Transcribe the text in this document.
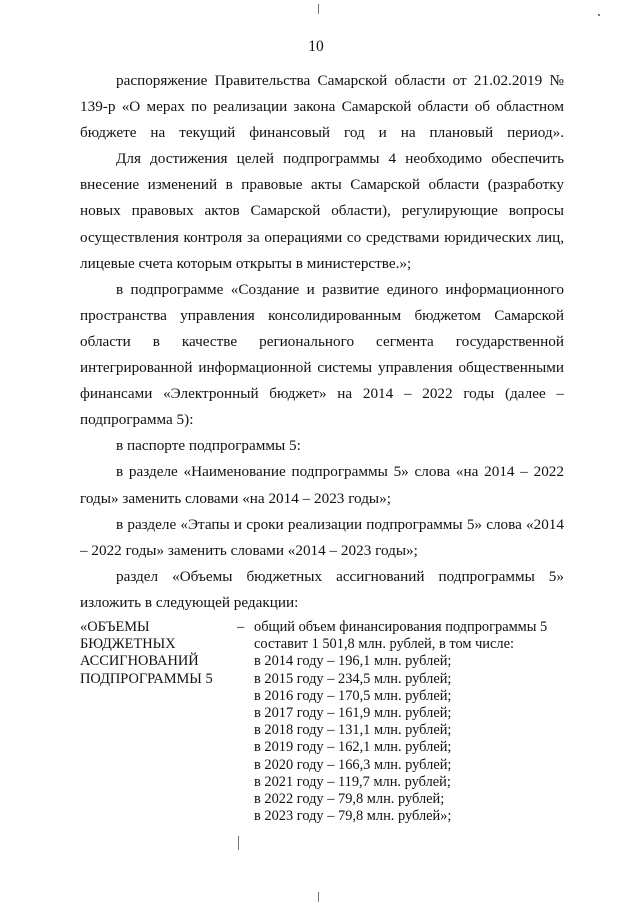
10

распоряжение Правительства Самарской области от 21.02.2019 № 139-р «О мерах по реализации закона Самарской области об областном бюджете на текущий финансовый год и на плановый период».

Для достижения целей подпрограммы 4 необходимо обеспечить внесение изменений в правовые акты Самарской области (разработку новых правовых актов Самарской области), регулирующие вопросы осуществления контроля за операциями со средствами юридических лиц, лицевые счета которым открыты в министерстве.»;

в подпрограмме «Создание и развитие единого информационного пространства управления консолидированным бюджетом Самарской области в качестве регионального сегмента государственной интегрированной информационной системы управления общественными финансами «Электронный бюджет» на 2014 – 2022 годы (далее – подпрограмма 5):

в паспорте подпрограммы 5:

в разделе «Наименование подпрограммы 5» слова «на 2014 – 2022 годы» заменить словами «на 2014 – 2023 годы»;

в разделе «Этапы и сроки реализации подпрограммы 5» слова «2014 – 2022 годы» заменить словами «2014 – 2023 годы»;

раздел «Объемы бюджетных ассигнований подпрограммы 5» изложить в следующей редакции:

«ОБЪЕМЫ
БЮДЖЕТНЫХ
АССИГНОВАНИЙ
ПОДПРОГРАММЫ 5
– общий объем финансирования подпрограммы 5
составит 1 501,8 млн. рублей, в том числе:
в 2014 году – 196,1 млн. рублей;
в 2015 году – 234,5 млн. рублей;
в 2016 году – 170,5 млн. рублей;
в 2017 году – 161,9 млн. рублей;
в 2018 году – 131,1 млн. рублей;
в 2019 году – 162,1 млн. рублей;
в 2020 году – 166,3 млн. рублей;
в 2021 году – 119,7 млн. рублей;
в 2022 году – 79,8 млн. рублей;
в 2023 году – 79,8 млн. рублей»;
